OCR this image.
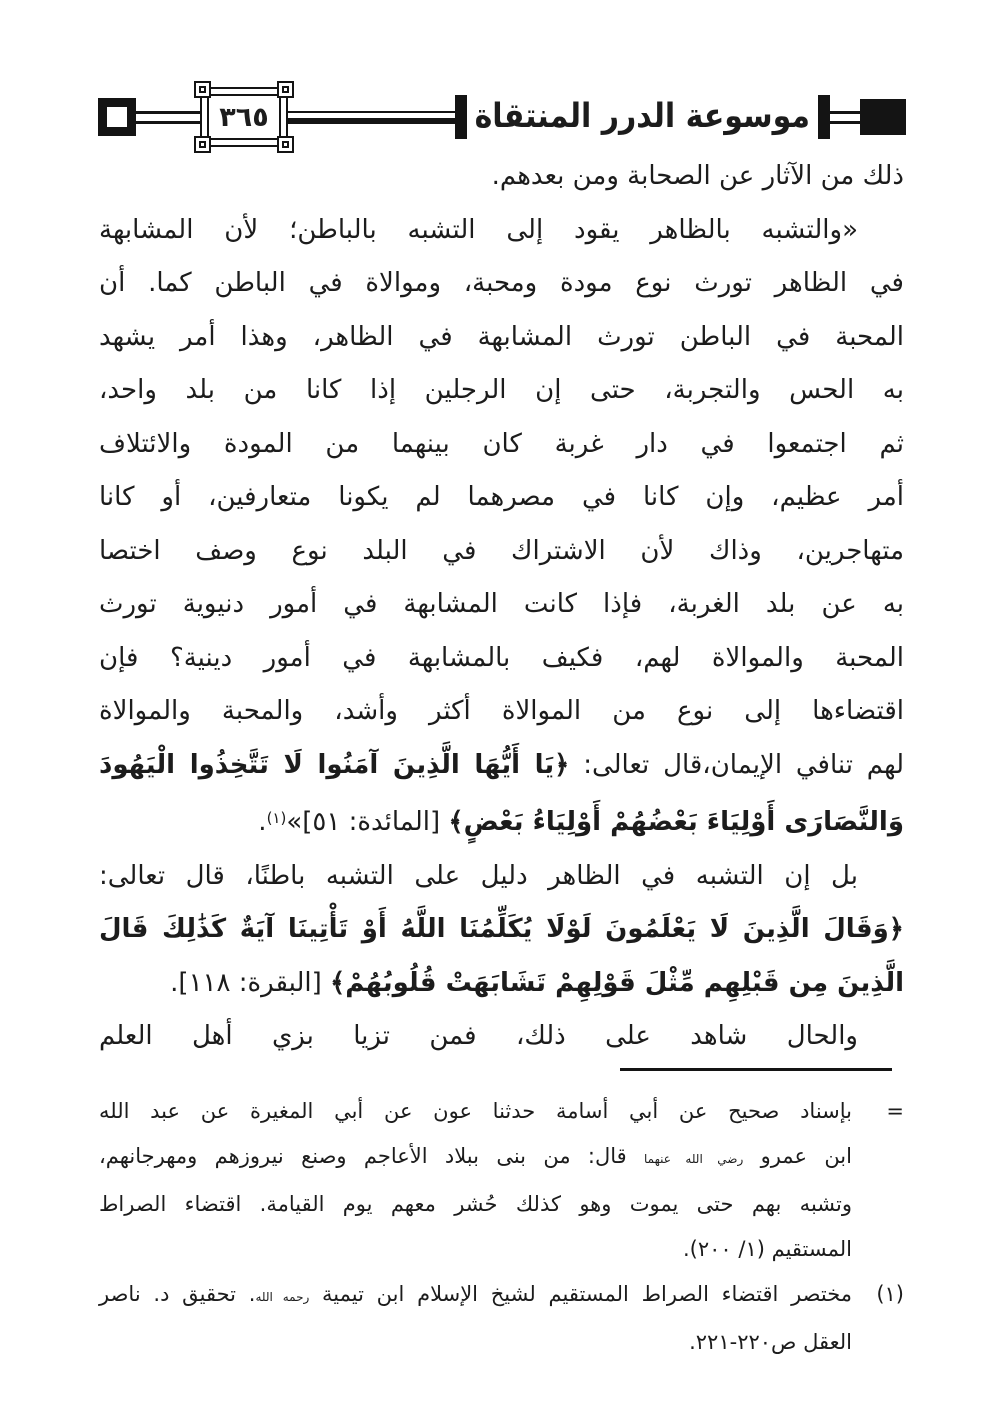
موسوعة الدرر المنتقاة
٣٦٥
ذلك من الآثار عن الصحابة ومن بعدهم.
«والتشبه بالظاهر يقود إلى التشبه بالباطن؛ لأن المشابهة
في الظاهر تورث نوع مودة ومحبة، وموالاة في الباطن كما. أن
المحبة في الباطن تورث المشابهة في الظاهر، وهذا أمر يشهد
به الحس والتجربة، حتى إن الرجلين إذا كانا من بلد واحد،
ثم اجتمعوا في دار غربة كان بينهما من المودة والائتلاف
أمر عظيم، وإن كانا في مصرهما لم يكونا متعارفين، أو كانا
متهاجرين، وذاك لأن الاشتراك في البلد نوع وصف اختصا
به عن بلد الغربة، فإذا كانت المشابهة في أمور دنيوية تورث
المحبة والموالاة لهم، فكيف بالمشابهة في أمور دينية؟ فإن
اقتضاءها إلى نوع من الموالاة أكثر وأشد، والمحبة والموالاة
لهم تنافي الإيمان،قال تعالى: ﴿يَا أَيُّهَا الَّذِينَ آمَنُوا لَا تَتَّخِذُوا الْيَهُودَ
وَالنَّصَارَى أَوْلِيَاءَ بَعْضُهُمْ أَوْلِيَاءُ بَعْضٍ﴾ [المائدة: ٥١]»$^{(١)}$.
بل إن التشبه في الظاهر دليل على التشبه باطنًا، قال تعالى:
﴿وَقَالَ الَّذِينَ لَا يَعْلَمُونَ لَوْلَا يُكَلِّمُنَا اللَّهُ أَوْ تَأْتِينَا آيَةٌ كَذَٰلِكَ قَالَ
الَّذِينَ مِن قَبْلِهِم مِّثْلَ قَوْلِهِمْ تَشَابَهَتْ قُلُوبُهُمْ﴾ [البقرة: ١١٨].
والحال شاهد على ذلك، فمن تزيا بزي أهل العلم
=
بإسناد صحيح عن أبي أسامة حدثنا عون عن أبي المغيرة عن عبد الله
ابن عمرو رضي الله عنهما قال: من بنى ببلاد الأعاجم وصنع نيروزهم ومهرجانهم،
وتشبه بهم حتى يموت وهو كذلك حُشر معهم يوم القيامة. اقتضاء الصراط
المستقيم (١/ ٢٠٠).
(١)
مختصر اقتضاء الصراط المستقيم لشيخ الإسلام ابن تيمية رحمه الله. تحقيق د. ناصر
العقل ص٢٢٠-٢٢١.
